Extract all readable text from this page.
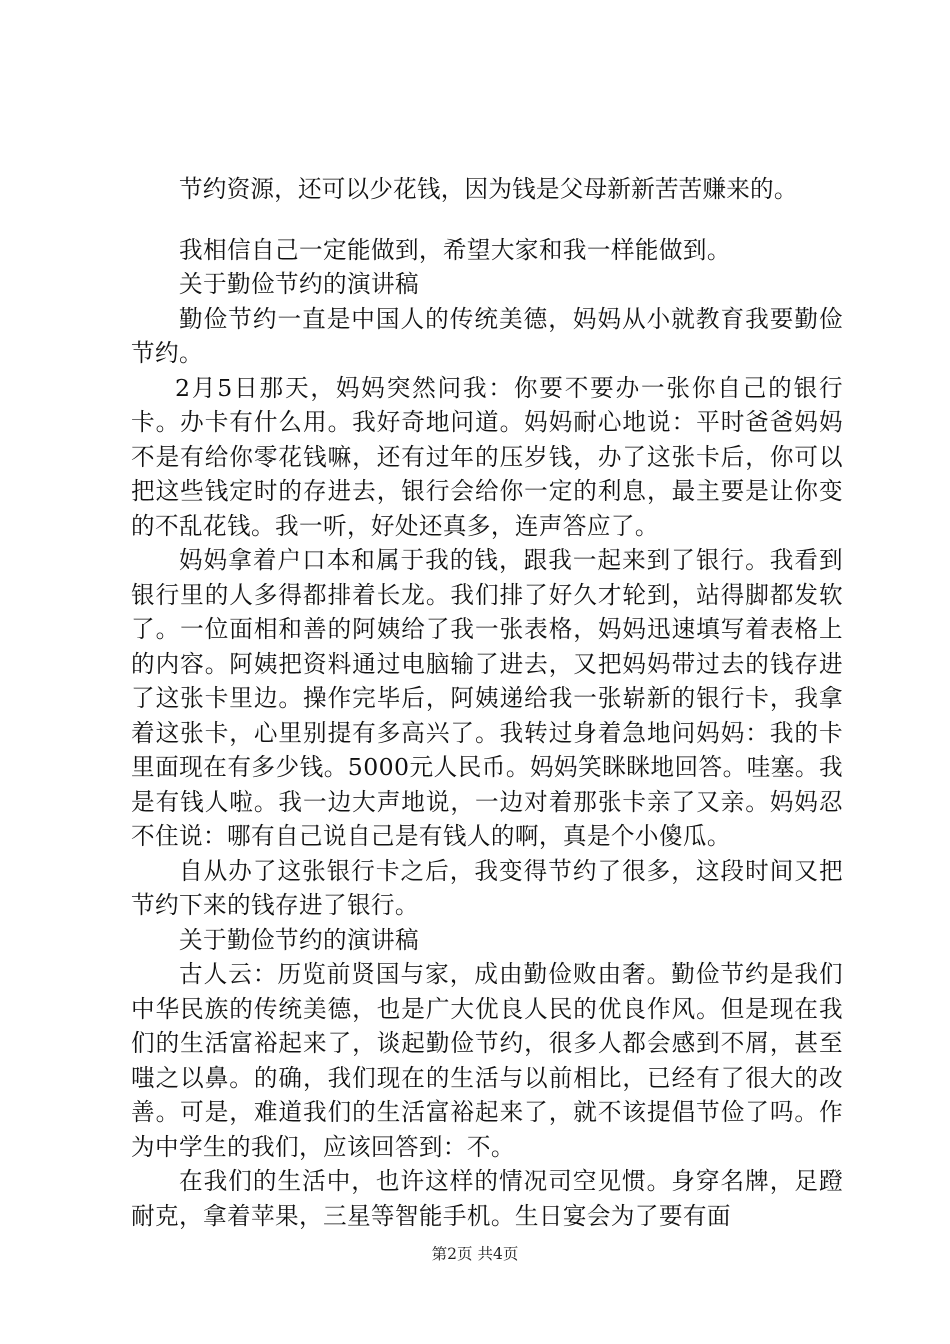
节约资源，还可以少花钱，因为钱是父母新新苦苦赚来的。

我相信自己一定能做到，希望大家和我一样能做到。

关于勤俭节约的演讲稿

勤俭节约一直是中国人的传统美德，妈妈从小就教育我要勤俭节约。

2月5日那天，妈妈突然问我：你要不要办一张你自己的银行卡。办卡有什么用。我好奇地问道。妈妈耐心地说：平时爸爸妈妈不是有给你零花钱嘛，还有过年的压岁钱，办了这张卡后，你可以把这些钱定时的存进去，银行会给你一定的利息，最主要是让你变的不乱花钱。我一听，好处还真多，连声答应了。

妈妈拿着户口本和属于我的钱，跟我一起来到了银行。我看到银行里的人多得都排着长龙。我们排了好久才轮到，站得脚都发软了。一位面相和善的阿姨给了我一张表格，妈妈迅速填写着表格上的内容。阿姨把资料通过电脑输了进去，又把妈妈带过去的钱存进了这张卡里边。操作完毕后，阿姨递给我一张崭新的银行卡，我拿着这张卡，心里别提有多高兴了。我转过身着急地问妈妈：我的卡里面现在有多少钱。5000元人民币。妈妈笑眯眯地回答。哇塞。我是有钱人啦。我一边大声地说，一边对着那张卡亲了又亲。妈妈忍不住说：哪有自己说自己是有钱人的啊，真是个小傻瓜。

自从办了这张银行卡之后，我变得节约了很多，这段时间又把节约下来的钱存进了银行。

关于勤俭节约的演讲稿

古人云：历览前贤国与家，成由勤俭败由奢。勤俭节约是我们中华民族的传统美德，也是广大优良人民的优良作风。但是现在我们的生活富裕起来了，谈起勤俭节约，很多人都会感到不屑，甚至嗤之以鼻。的确，我们现在的生活与以前相比，已经有了很大的改善。可是，难道我们的生活富裕起来了，就不该提倡节俭了吗。作为中学生的我们，应该回答到：不。

在我们的生活中，也许这样的情况司空见惯。身穿名牌，足蹬耐克，拿着苹果，三星等智能手机。生日宴会为了要有面

第2页 共4页
